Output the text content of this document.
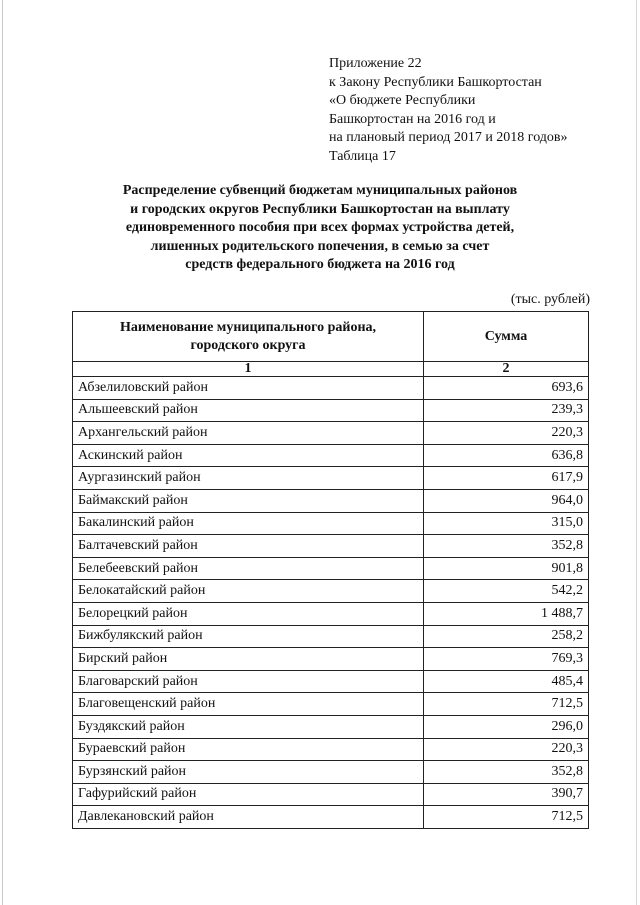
Приложение 22
к Закону Республики Башкортостан
«О бюджете Республики
Башкортостан на 2016 год и
на плановый период 2017 и 2018 годов»
Таблица 17
Распределение субвенций бюджетам муниципальных районов
и городских округов Республики Башкортостан на выплату
единовременного пособия при всех формах устройства детей,
лишенных родительского попечения, в семью за счет
средств федерального бюджета на 2016 год
(тыс. рублей)
Наименование муниципального района,
городского округа	Сумма
1	2
Абзелиловский район	693,6
Альшеевский район	239,3
Архангельский район	220,3
Аскинский район	636,8
Аургазинский район	617,9
Баймакский район	964,0
Бакалинский район	315,0
Балтачевский район	352,8
Белебеевский район	901,8
Белокатайский район	542,2
Белорецкий район	1 488,7
Бижбулякский район	258,2
Бирский район	769,3
Благоварский район	485,4
Благовещенский район	712,5
Буздякский район	296,0
Бураевский район	220,3
Бурзянский район	352,8
Гафурийский район	390,7
Давлекановский район	712,5
